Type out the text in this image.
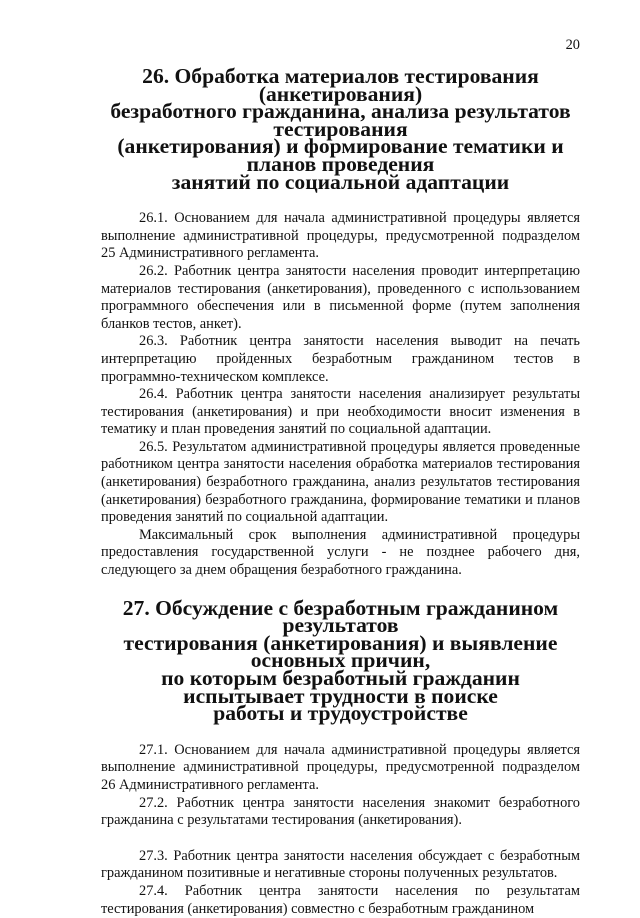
20
26. Обработка материалов тестирования (анкетирования)
безработного гражданина, анализа результатов тестирования
(анкетирования) и формирование тематики и планов проведения
занятий по социальной адаптации

26.1. Основанием для начала административной процедуры является выполнение административной процедуры, предусмотренной подразделом 25 Административного регламента.

26.2. Работник центра занятости населения проводит интерпретацию материалов тестирования (анкетирования), проведенного с использованием программного обеспечения или в письменной форме (путем заполнения бланков тестов, анкет).

26.3. Работник центра занятости населения выводит на печать интерпретацию пройденных безработным гражданином тестов в программно-техническом комплексе.

26.4. Работник центра занятости населения анализирует результаты тестирования (анкетирования) и при необходимости вносит изменения в тематику и план проведения занятий по социальной адаптации.

26.5. Результатом административной процедуры является проведенные работником центра занятости населения обработка материалов тестирования (анкетирования) безработного гражданина, анализ результатов тестирования (анкетирования) безработного гражданина, формирование тематики и планов проведения занятий по социальной адаптации.

Максимальный срок выполнения административной процедуры предоставления государственной услуги - не позднее рабочего дня, следующего за днем обращения безработного гражданина.

27. Обсуждение с безработным гражданином результатов
тестирования (анкетирования) и выявление основных причин,
по которым безработный гражданин испытывает трудности в поиске
работы и трудоустройстве

27.1. Основанием для начала административной процедуры является выполнение административной процедуры, предусмотренной подразделом 26 Административного регламента.

27.2. Работник центра занятости населения знакомит безработного гражданина с результатами тестирования (анкетирования).

27.3. Работник центра занятости населения обсуждает с безработным гражданином позитивные и негативные стороны полученных результатов.

27.4. Работник центра занятости населения по результатам тестирования (анкетирования) совместно с безработным гражданином
